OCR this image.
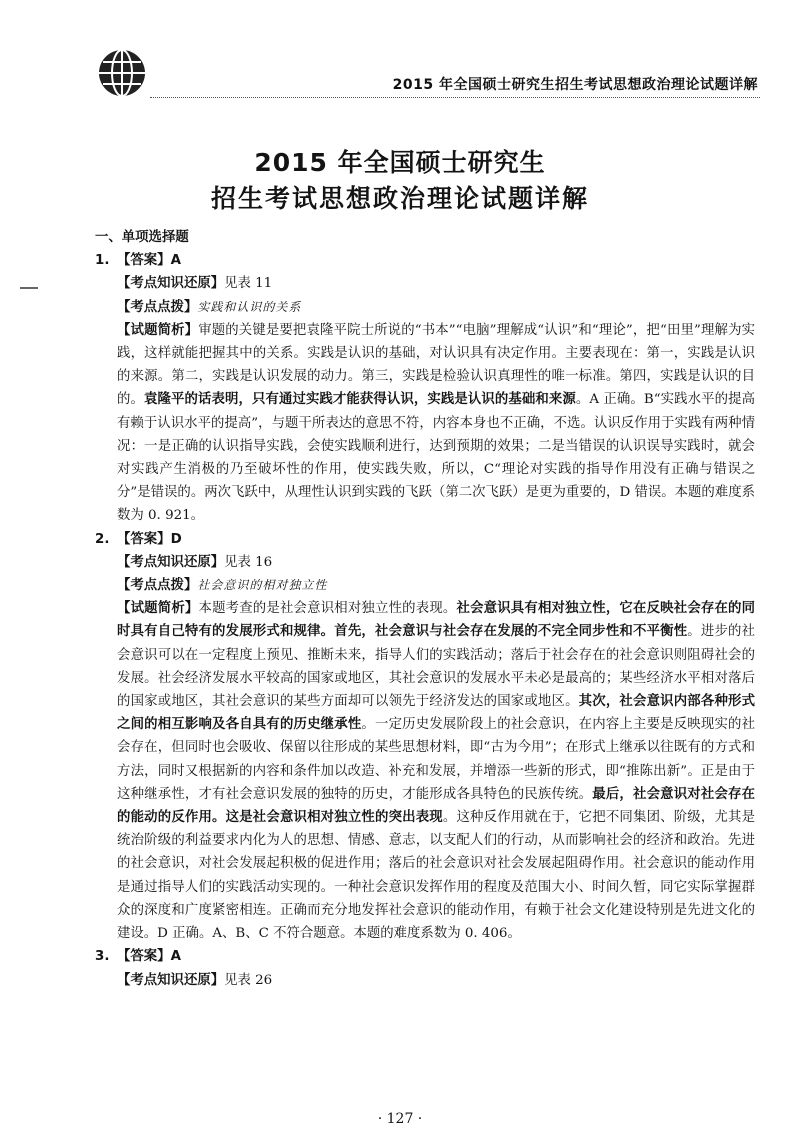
2015 年全国硕士研究生招生考试思想政治理论试题详解
2015 年全国硕士研究生
招生考试思想政治理论试题详解
一、单项选择题
1. 【答案】A
【考点知识还原】见表 11
【考点点拨】实践和认识的关系
【试题简析】审题的关键是要把袁隆平院士所说的“书本”“电脑”理解成“认识”和“理论”，把“田里”理解为实践，这样就能把握其中的关系。实践是认识的基础，对认识具有决定作用。主要表现在：第一，实践是认识的来源。第二，实践是认识发展的动力。第三，实践是检验认识真理性的唯一标准。第四，实践是认识的目的。袁隆平的话表明，只有通过实践才能获得认识，实践是认识的基础和来源。A 正确。B“实践水平的提高有赖于认识水平的提高”，与题干所表达的意思不符，内容本身也不正确，不选。认识反作用于实践有两种情况：一是正确的认识指导实践，会使实践顺利进行，达到预期的效果；二是当错误的认识误导实践时，就会对实践产生消极的乃至破坏性的作用，使实践失败，所以，C“理论对实践的指导作用没有正确与错误之分”是错误的。两次飞跃中，从理性认识到实践的飞跃（第二次飞跃）是更为重要的，D 错误。本题的难度系数为 0. 921。
2. 【答案】D
【考点知识还原】见表 16
【考点点拨】社会意识的相对独立性
【试题简析】本题考查的是社会意识相对独立性的表现。社会意识具有相对独立性，它在反映社会存在的同时具有自己特有的发展形式和规律。首先，社会意识与社会存在发展的不完全同步性和不平衡性。进步的社会意识可以在一定程度上预见、推断未来，指导人们的实践活动；落后于社会存在的社会意识则阻碍社会的发展。社会经济发展水平较高的国家或地区，其社会意识的发展水平未必是最高的；某些经济水平相对落后的国家或地区，其社会意识的某些方面却可以领先于经济发达的国家或地区。其次，社会意识内部各种形式之间的相互影响及各自具有的历史继承性。一定历史发展阶段上的社会意识，在内容上主要是反映现实的社会存在，但同时也会吸收、保留以往形成的某些思想材料，即“古为今用”；在形式上继承以往既有的方式和方法，同时又根据新的内容和条件加以改造、补充和发展，并增添一些新的形式，即“推陈出新”。正是由于这种继承性，才有社会意识发展的独特的历史，才能形成各具特色的民族传统。最后，社会意识对社会存在的能动的反作用。这是社会意识相对独立性的突出表现。这种反作用就在于，它把不同集团、阶级，尤其是统治阶级的利益要求内化为人的思想、情感、意志，以支配人们的行动，从而影响社会的经济和政治。先进的社会意识，对社会发展起积极的促进作用；落后的社会意识对社会发展起阻碍作用。社会意识的能动作用是通过指导人们的实践活动实现的。一种社会意识发挥作用的程度及范围大小、时间久暂，同它实际掌握群众的深度和广度紧密相连。正确而充分地发挥社会意识的能动作用，有赖于社会文化建设特别是先进文化的建设。D 正确。A、B、C 不符合题意。本题的难度系数为 0. 406。
3. 【答案】A
【考点知识还原】见表 26
· 127 ·
